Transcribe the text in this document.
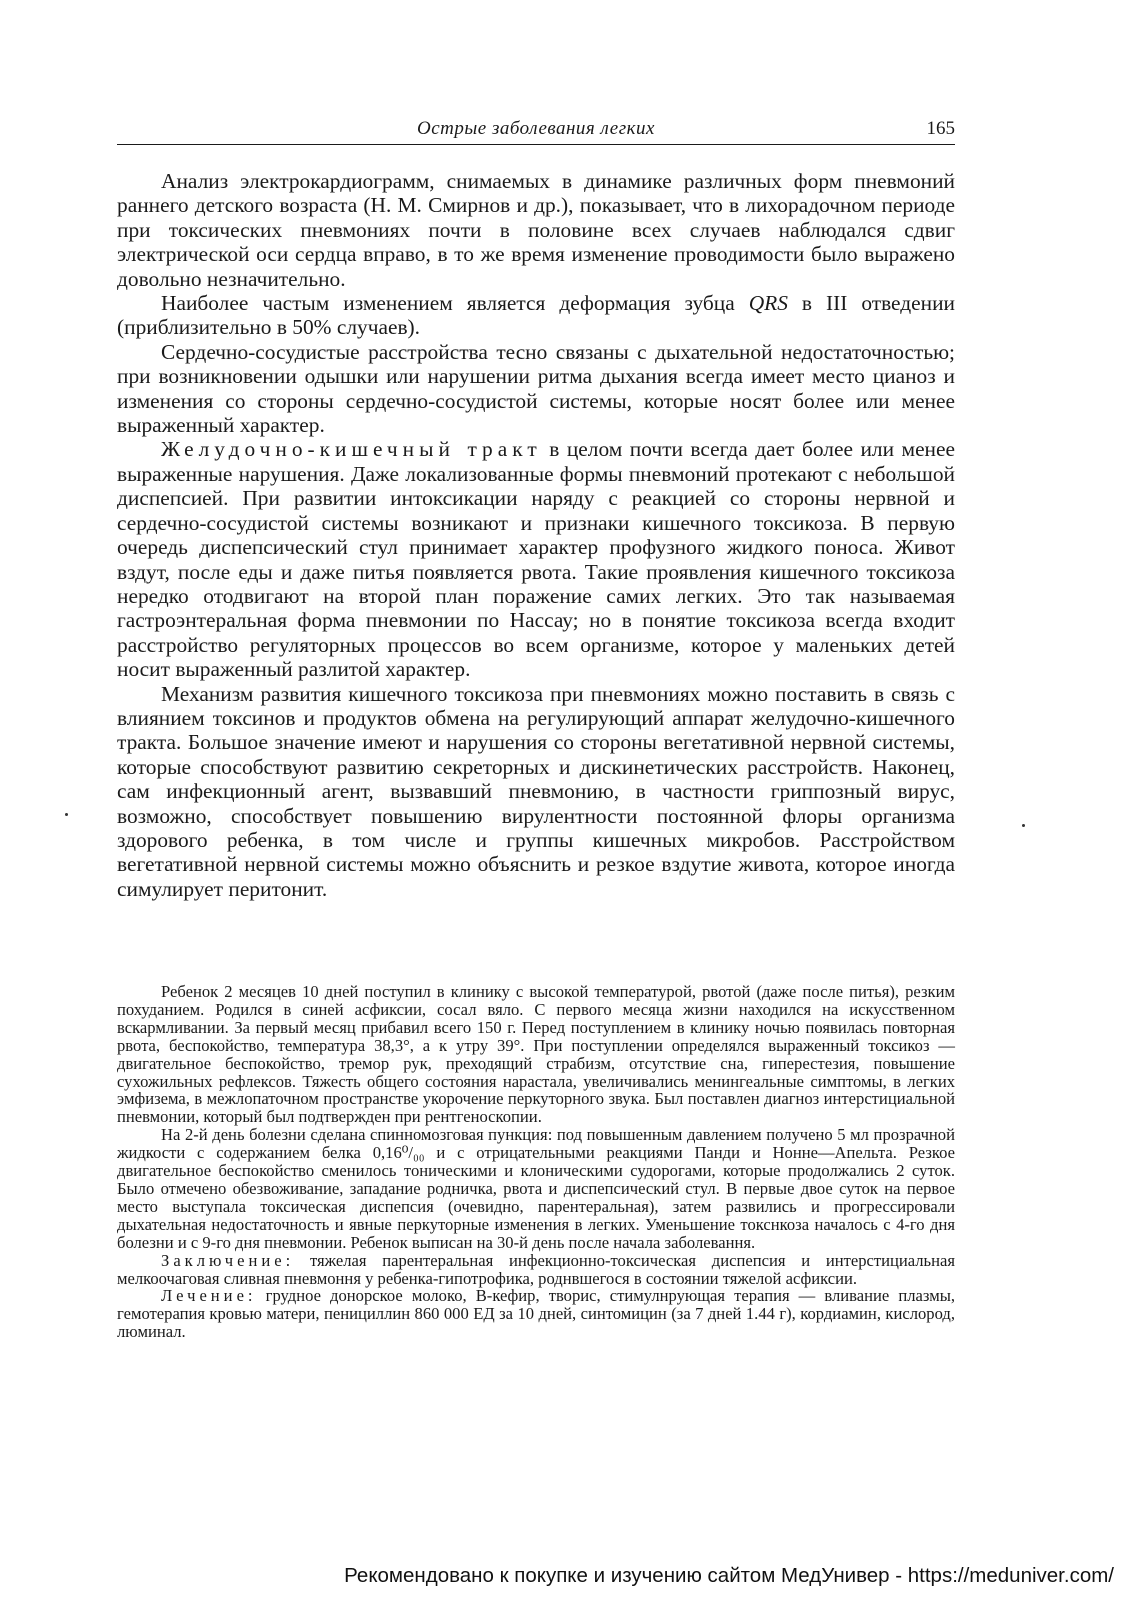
Острые заболевания легких	165

Анализ электрокардиограмм, снимаемых в динамике различных форм пневмоний раннего детского возраста (Н. М. Смирнов и др.), показывает, что в лихорадочном периоде при токсических пневмониях почти в половине всех случаев наблюдался сдвиг электрической оси сердца вправо, в то же время изменение проводимости было выражено довольно незначительно.

Наиболее частым изменением является деформация зубца QRS в III отведении (приблизительно в 50% случаев).

Сердечно-сосудистые расстройства тесно связаны с дыхательной недостаточностью; при возникновении одышки или нарушении ритма дыхания всегда имеет место цианоз и изменения со стороны сердечно-сосудистой системы, которые носят более или менее выраженный характер.

Желудочно-кишечный тракт в целом почти всегда дает более или менее выраженные нарушения. Даже локализованные формы пневмоний протекают с небольшой диспепсией. При развитии интоксикации наряду с реакцией со стороны нервной и сердечно-сосудистой системы возникают и признаки кишечного токсикоза. В первую очередь диспепсический стул принимает характер профузного жидкого поноса. Живот вздут, после еды и даже питья появляется рвота. Такие проявления кишечного токсикоза нередко отодвигают на второй план поражение самих легких. Это так называемая гастроэнтеральная форма пневмонии по Нассау; но в понятие токсикоза всегда входит расстройство регуляторных процессов во всем организме, которое у маленьких детей носит выраженный разлитой характер.

Механизм развития кишечного токсикоза при пневмониях можно поставить в связь с влиянием токсинов и продуктов обмена на регулирующий аппарат желудочно-кишечного тракта. Большое значение имеют и нарушения со стороны вегетативной нервной системы, которые способствуют развитию секреторных и дискинетических расстройств. Наконец, сам инфекционный агент, вызвавший пневмонию, в частности гриппозный вирус, возможно, способствует повышению вирулентности постоянной флоры организма здорового ребенка, в том числе и группы кишечных микробов. Расстройством вегетативной нервной системы можно объяснить и резкое вздутие живота, которое иногда симулирует перитонит.

Ребенок 2 месяцев 10 дней поступил в клинику с высокой температурой, рвотой (даже после питья), резким похуданием. Родился в синей асфиксии, сосал вяло. С первого месяца жизни находился на искусственном вскармливании. За первый месяц прибавил всего 150 г. Перед поступлением в клинику ночью появилась повторная рвота, беспокойство, температура 38,3°, а к утру 39°. При поступлении определялся выраженный токсикоз — двигательное беспокойство, тремор рук, преходящий страбизм, отсутствие сна, гиперестезия, повышение сухожильных рефлексов. Тяжесть общего состояния нарастала, увеличивались менингеальные симптомы, в легких эмфизема, в межлопаточном пространстве укорочение перкуторного звука. Был поставлен диагноз интерстициальной пневмонии, который был подтвержден при рентгеноскопии.

На 2-й день болезни сделана спинномозговая пункция: под повышенным давлением получено 5 мл прозрачной жидкости с содержанием белка 0,16⁰/₀₀ и с отрицательными реакциями Панди и Нонне—Апельта. Резкое двигательное беспокойство сменилось тоническими и клоническими судорогами, которые продолжались 2 суток. Было отмечено обезвоживание, западание родничка, рвота и диспепсический стул. В первые двое суток на первое место выступала токсическая диспепсия (очевидно, парентеральная), затем развились и прогрессировали дыхательная недостаточность и явные перкуторные изменения в легких. Уменьшение токснкоза началось с 4-го дня болезни и с 9-го дня пневмонии. Ребенок выписан на 30-й день после начала заболевання.

Заключение: тяжелая парентеральная инфекционно-токсическая диспепсия и интерстициальная мелкоочаговая сливная пневмоння у ребенка-гипотрофика, роднвшегося в состоянии тяжелой асфиксии.

Лечение: грудное донорское молоко, В-кефир, творис, стимулнрующая терапия — вливание плазмы, гемотерапия кровью матери, пенициллин 860 000 ЕД за 10 дней, синтомицин (за 7 дней 1.44 г), кордиамин, кислород, люминал.

Рекомендовано к покупке и изучению сайтом МедУнивер - https://meduniver.com/
